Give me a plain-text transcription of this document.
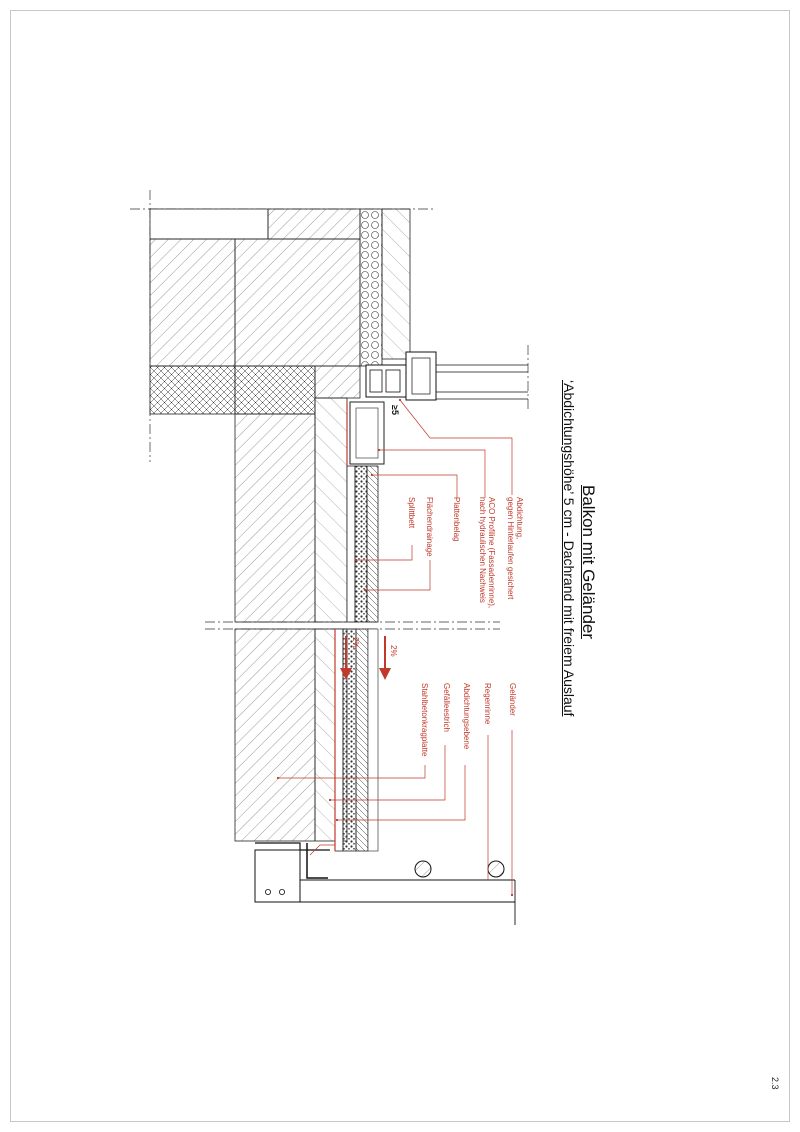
Balkon mit Geländer
‘Abdichtungshöhe’ 5 cm - Dachrand mit freiem Auslauf
≥5
2%
2%
Abdichtung,
gegen Hinterlaufen gesichert
ACO Profiline (Fassadenrinne),
nach hydraulischen Nachweis
Plattenbelag
Flächendrainage
Splittbett
Geländer
Regenrinne
Abdichtungsebene
Gefälleestrich
Stahlbetonkragplatte
2.3
